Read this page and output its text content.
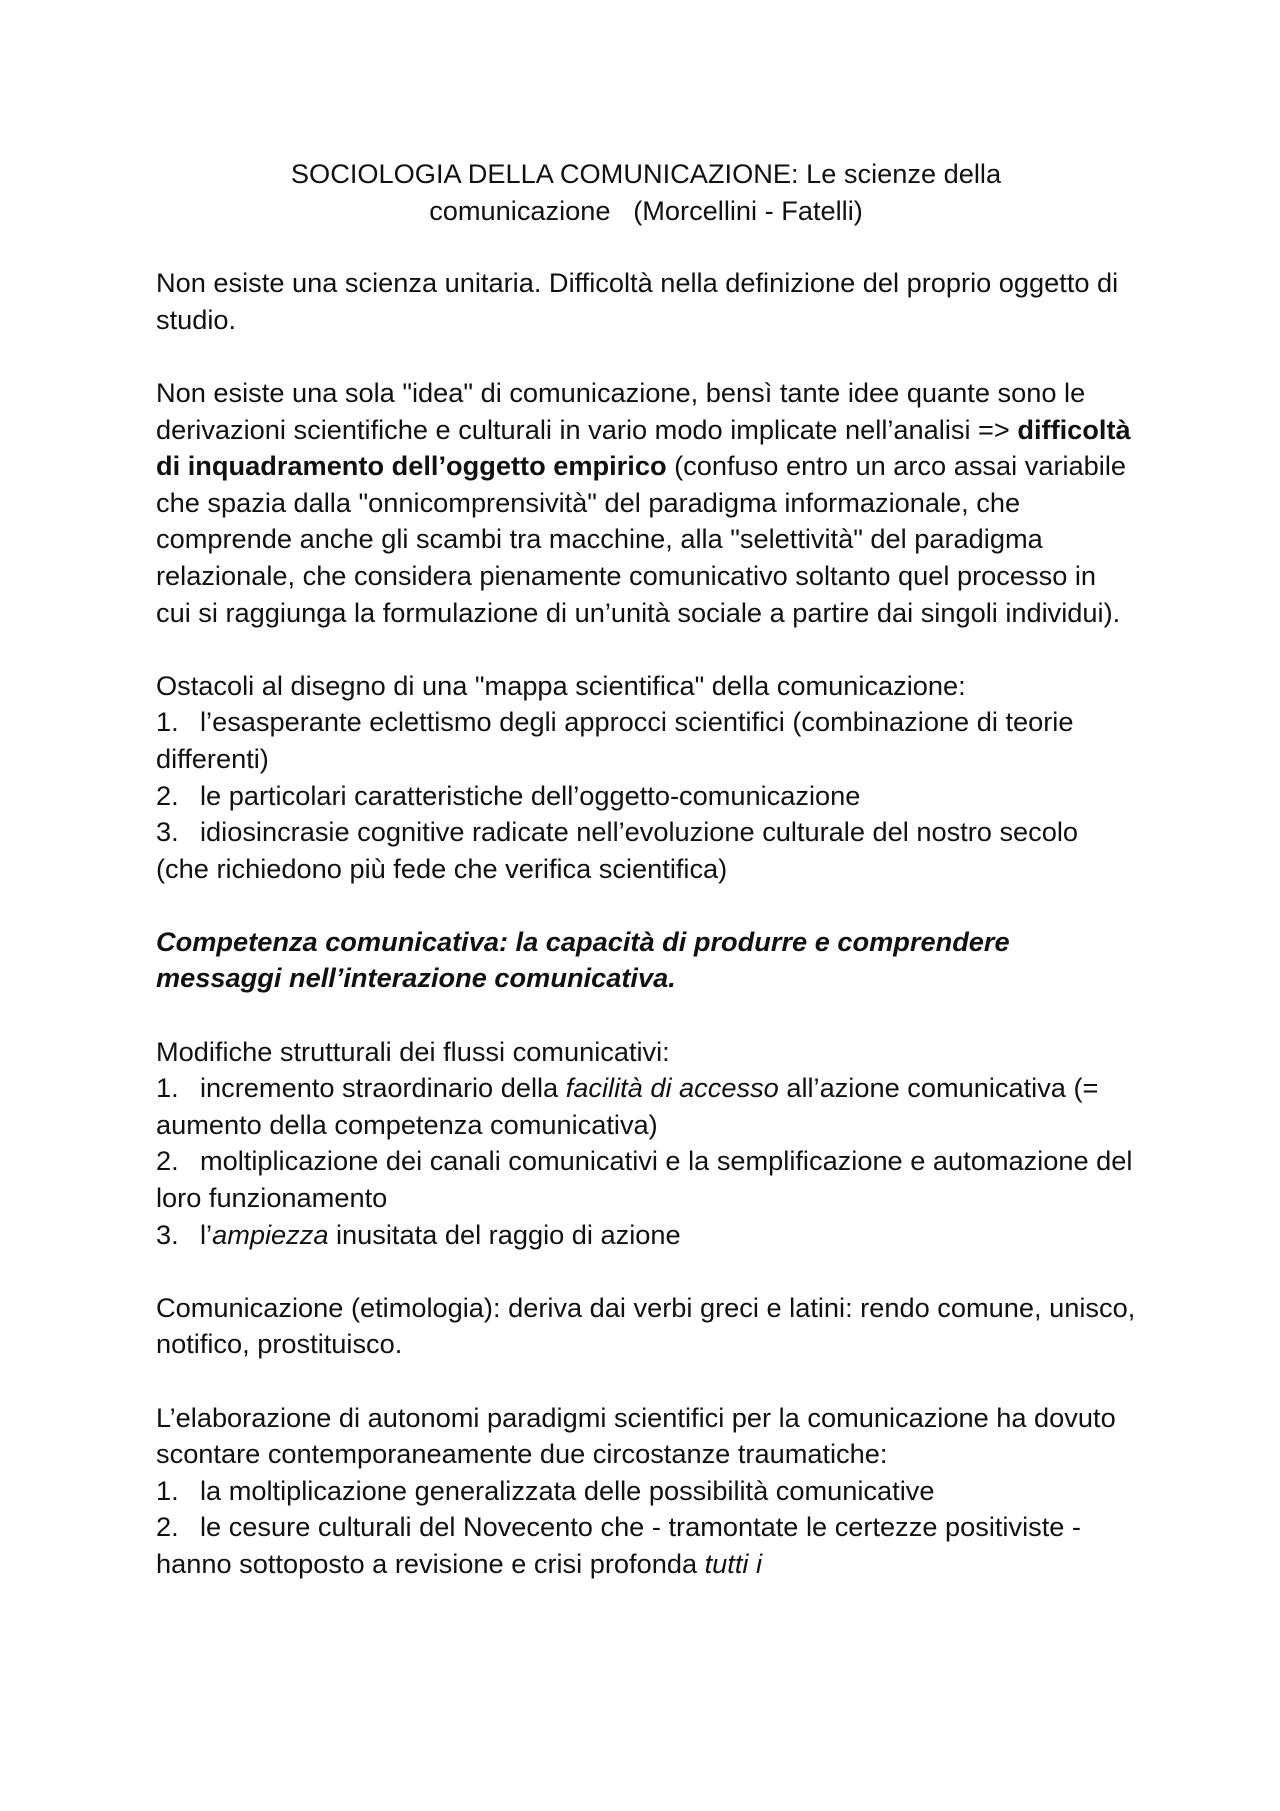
SOCIOLOGIA DELLA COMUNICAZIONE: Le scienze della
comunicazione   (Morcellini - Fatelli)

Non esiste una scienza unitaria. Difficoltà nella definizione del proprio oggetto di studio.

Non esiste una sola "idea" di comunicazione, bensì tante idee quante sono le derivazioni scientifiche e culturali in vario modo implicate nell’analisi => difficoltà di inquadramento dell’oggetto empirico (confuso entro un arco assai variabile che spazia dalla "onnicomprensività" del paradigma informazionale, che comprende anche gli scambi tra macchine, alla "selettività" del paradigma relazionale, che considera pienamente comunicativo soltanto quel processo in cui si raggiunga la formulazione di un’unità sociale a partire dai singoli individui).

Ostacoli al disegno di una "mappa scientifica" della comunicazione:
1. l’esasperante eclettismo degli approcci scientifici (combinazione di teorie differenti)
2. le particolari caratteristiche dell’oggetto-comunicazione
3. idiosincrasie cognitive radicate nell’evoluzione culturale del nostro secolo (che richiedono più fede che verifica scientifica)

Competenza comunicativa: la capacità di produrre e comprendere messaggi nell’interazione comunicativa.

Modifiche strutturali dei flussi comunicativi:
1. incremento straordinario della facilità di accesso all’azione comunicativa (= aumento della competenza comunicativa)
2. moltiplicazione dei canali comunicativi e la semplificazione e automazione del loro funzionamento
3. l’ampiezza inusitata del raggio di azione

Comunicazione (etimologia): deriva dai verbi greci e latini: rendo comune, unisco, notifico, prostituisco.

L’elaborazione di autonomi paradigmi scientifici per la comunicazione ha dovuto scontare contemporaneamente due circostanze traumatiche:
1. la moltiplicazione generalizzata delle possibilità comunicative
2. le cesure culturali del Novecento che - tramontate le certezze positiviste - hanno sottoposto a revisione e crisi profonda tutti i
